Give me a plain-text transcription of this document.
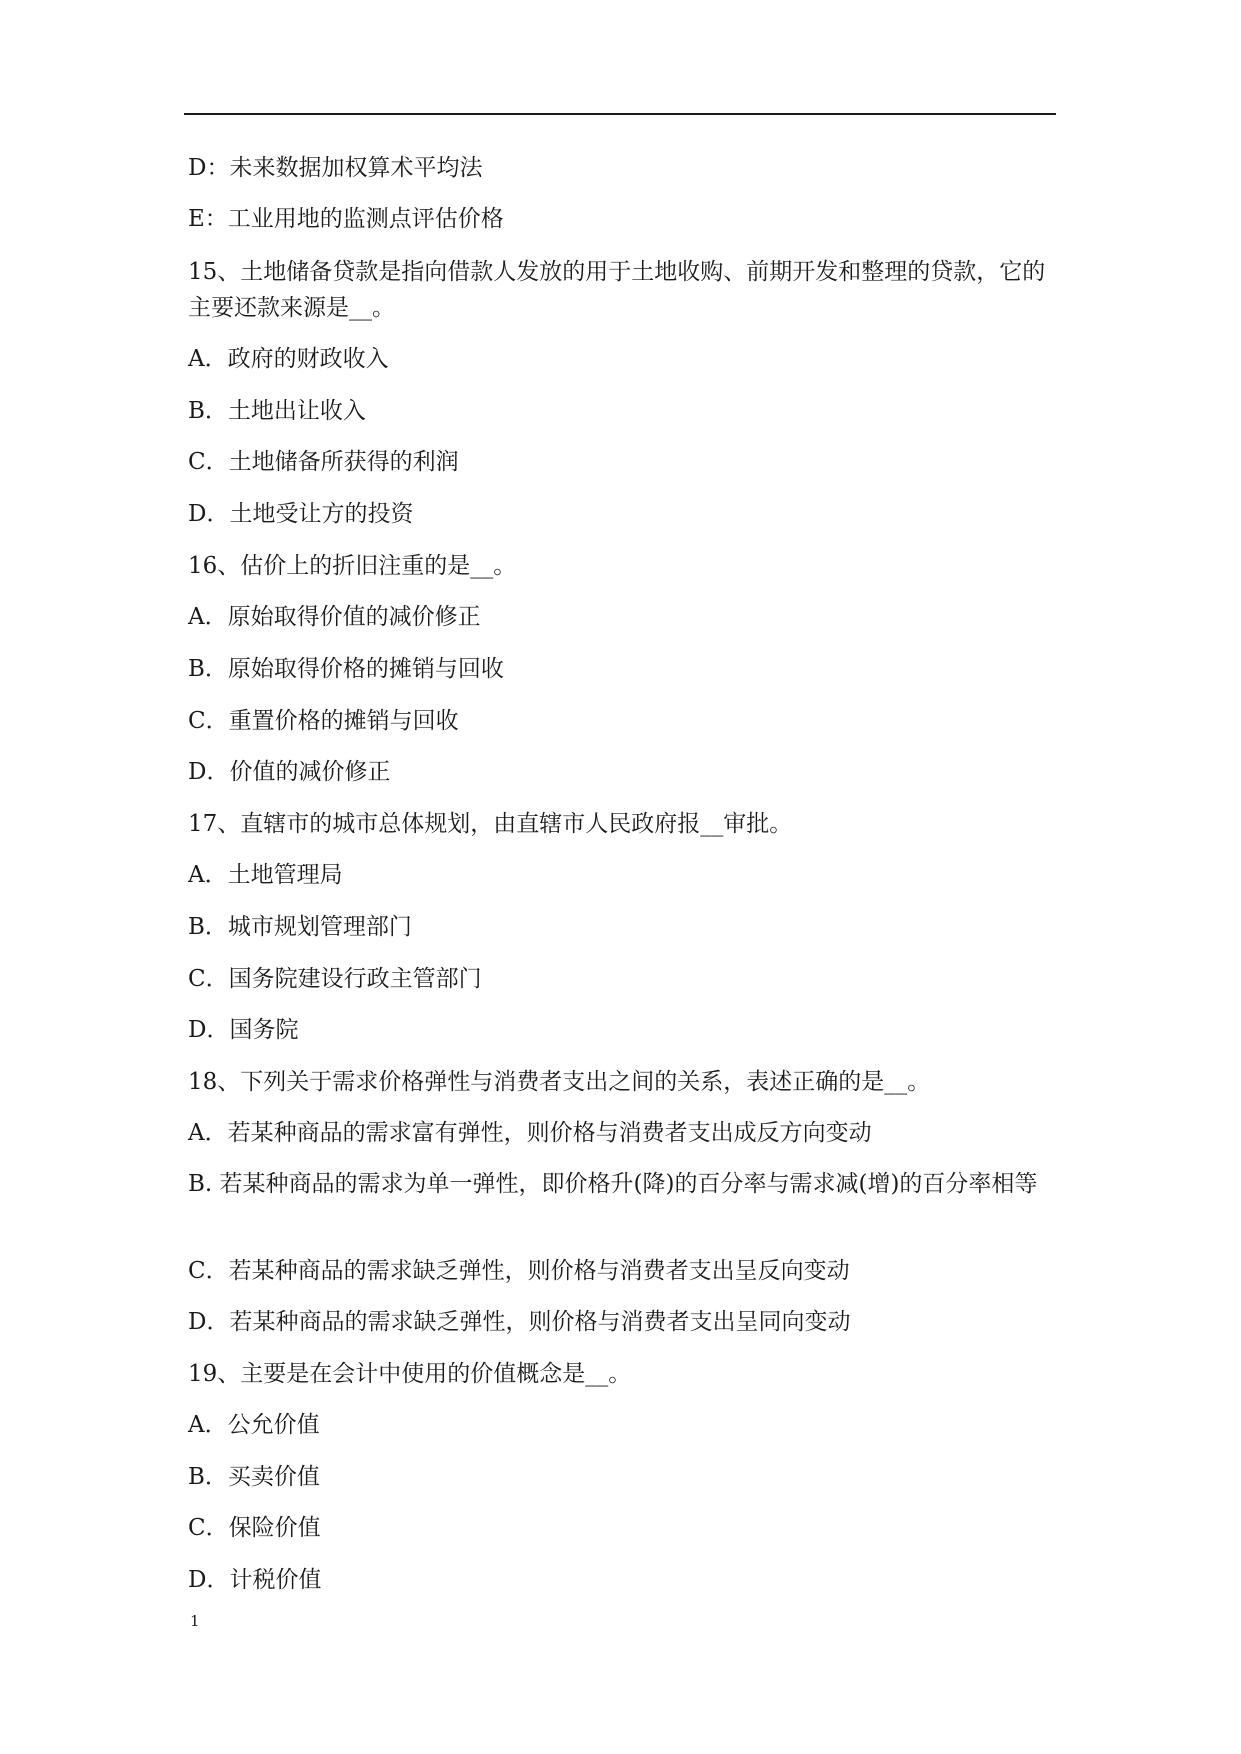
D：未来数据加权算术平均法
E：工业用地的监测点评估价格
15、土地储备贷款是指向借款人发放的用于土地收购、前期开发和整理的贷款，它的主要还款来源是__。
A．政府的财政收入
B．土地出让收入
C．土地储备所获得的利润
D．土地受让方的投资
16、估价上的折旧注重的是__。
A．原始取得价值的减价修正
B．原始取得价格的摊销与回收
C．重置价格的摊销与回收
D．价值的减价修正
17、直辖市的城市总体规划，由直辖市人民政府报__审批。
A．土地管理局
B．城市规划管理部门
C．国务院建设行政主管部门
D．国务院
18、下列关于需求价格弹性与消费者支出之间的关系，表述正确的是__。
A．若某种商品的需求富有弹性，则价格与消费者支出成反方向变动
B. 若某种商品的需求为单一弹性，即价格升(降)的百分率与需求减(增)的百分率相等
C．若某种商品的需求缺乏弹性，则价格与消费者支出呈反向变动
D．若某种商品的需求缺乏弹性，则价格与消费者支出呈同向变动
19、主要是在会计中使用的价值概念是__。
A．公允价值
B．买卖价值
C．保险价值
D．计税价值
1
